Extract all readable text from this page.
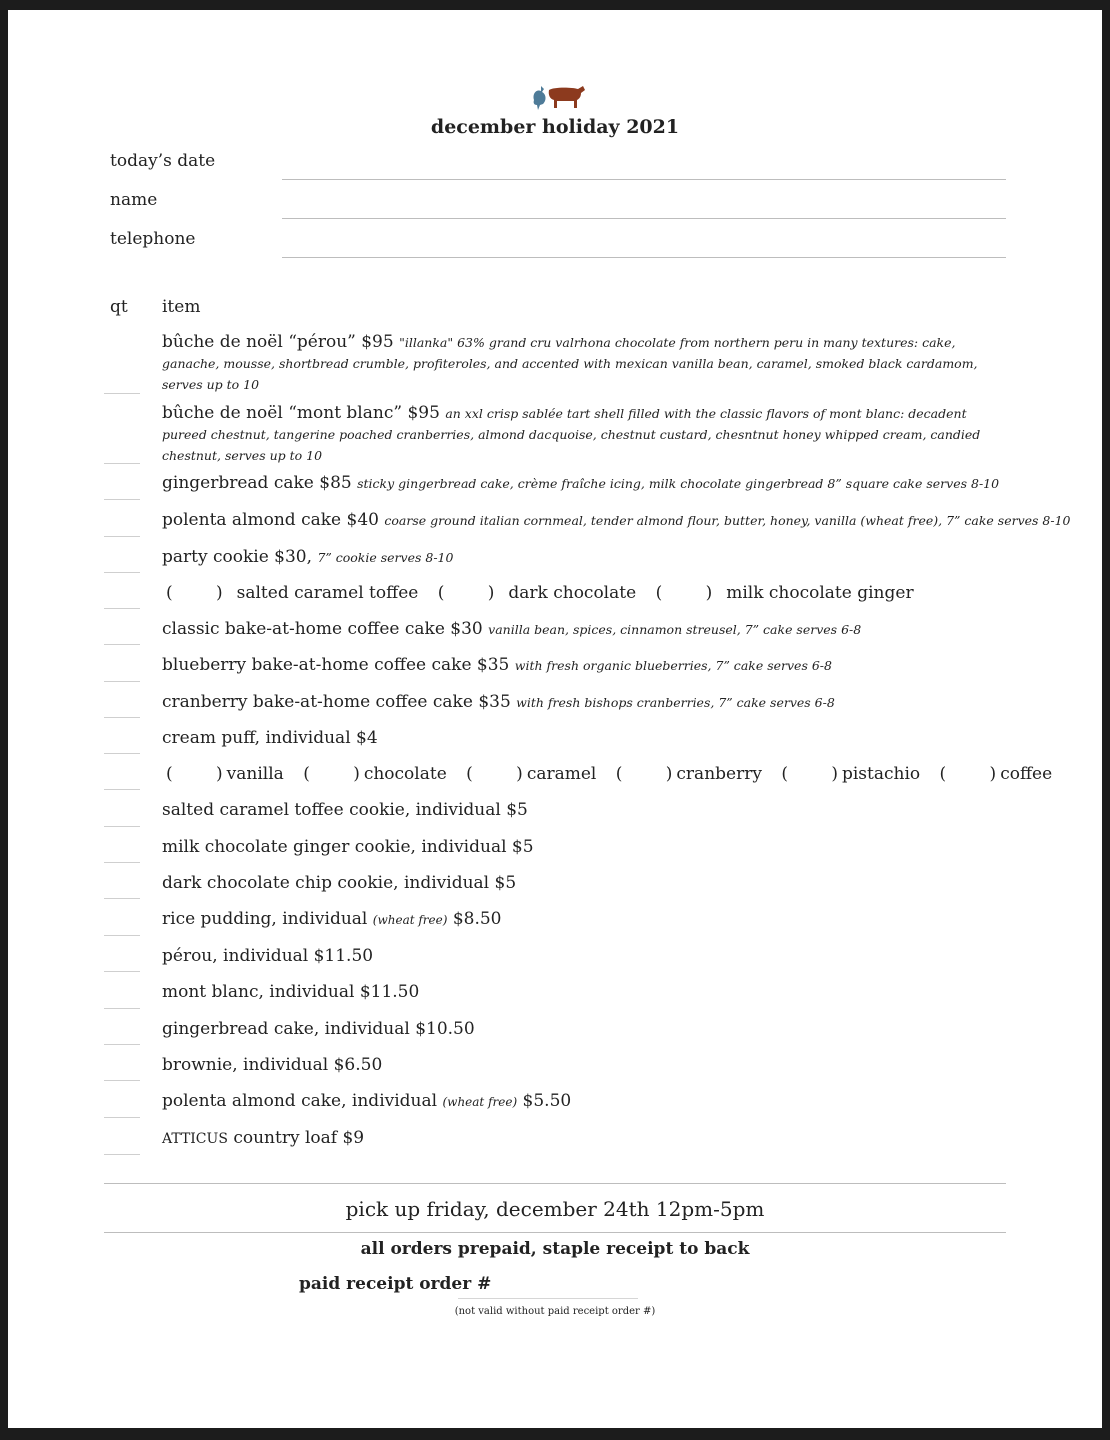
december holiday 2021
today’s date
name
telephone
qt item
bûche de noël “pérou” $95 "illanka" 63% grand cru valrhona chocolate from northern peru in many textures: cake, ganache, mousse, shortbread crumble, profiteroles, and accented with mexican vanilla bean, caramel, smoked black cardamom, serves up to 10
bûche de noël “mont blanc” $95 an xxl crisp sablée tart shell filled with the classic flavors of mont blanc: decadent pureed chestnut, tangerine poached cranberries, almond dacquoise, chestnut custard, chesntnut honey whipped cream, candied chestnut, serves up to 10
gingerbread cake $85 sticky gingerbread cake, crème fraîche icing, milk chocolate gingerbread 8” square cake serves 8-10
polenta almond cake $40 coarse ground italian cornmeal, tender almond flour, butter, honey, vanilla (wheat free), 7” cake serves 8-10
party cookie $30, 7” cookie serves 8-10
(	) salted caramel toffee (	) dark chocolate (	) milk chocolate ginger
classic bake-at-home coffee cake $30 vanilla bean, spices, cinnamon streusel, 7” cake serves 6-8
blueberry bake-at-home coffee cake $35 with fresh organic blueberries, 7” cake serves 6-8
cranberry bake-at-home coffee cake $35 with fresh bishops cranberries, 7” cake serves 6-8
cream puff, individual $4
(	) vanilla (	) chocolate (	) caramel (	) cranberry (	) pistachio (	) coffee
salted caramel toffee cookie, individual $5
milk chocolate ginger cookie, individual $5
dark chocolate chip cookie, individual $5
rice pudding, individual (wheat free) $8.50
pérou, individual $11.50
mont blanc, individual $11.50
gingerbread cake, individual $10.50
brownie, individual $6.50
polenta almond cake, individual (wheat free) $5.50
ATTICUS country loaf $9
pick up friday, december 24th 12pm-5pm
all orders prepaid, staple receipt to back
paid receipt order #
(not valid without paid receipt order #)
